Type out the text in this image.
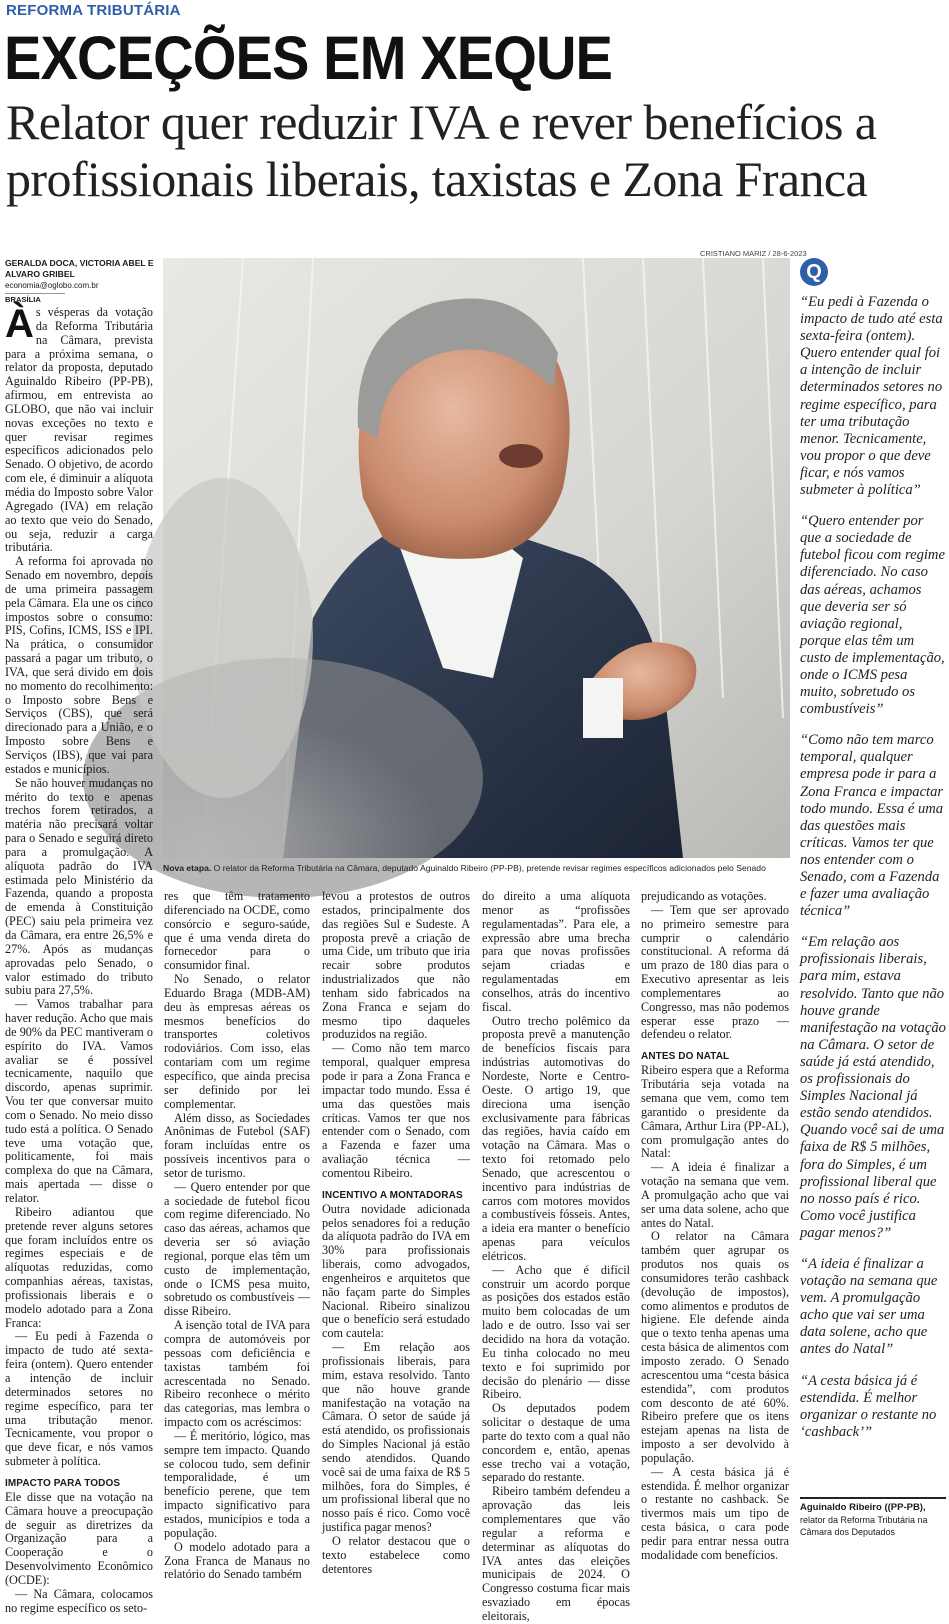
REFORMA TRIBUTÁRIA
EXCEÇÕES EM XEQUE
Relator quer reduzir IVA e rever benefícios a profissionais liberais, taxistas e Zona Franca
GERALDA DOCA, VICTORIA ABEL E ALVARO GRIBEL
economia@oglobo.com.br
BRASÍLIA
CRISTIANO MARIZ / 28-6-2023
Nova etapa. O relator da Reforma Tributária na Câmara, deputado Aguinaldo Ribeiro (PP-PB), pretende revisar regimes específicos adicionados pelo Senado
À s vésperas da votação da Reforma Tributária na Câmara, prevista para a próxima semana, o relator da proposta, deputado Aguinaldo Ribeiro (PP-PB), afirmou, em entrevista ao GLOBO, que não vai incluir novas exceções no texto e quer revisar regimes específicos adicionados pelo Senado. O objetivo, de acordo com ele, é diminuir a alíquota média do Imposto sobre Valor Agregado (IVA) em relação ao texto que veio do Senado, ou seja, reduzir a carga tributária.

A reforma foi aprovada no Senado em novembro, depois de uma primeira passagem pela Câmara. Ela une os cinco impostos sobre o consumo: PIS, Cofins, ICMS, ISS e IPI. Na prática, o consumidor passará a pagar um tributo, o IVA, que será divido em dois no momento do recolhimento: o Imposto sobre Bens e Serviços (CBS), que será direcionado para a União, e o Imposto sobre Bens e Serviços (IBS), que vai para estados e municípios.

Se não houver mudanças no mérito do texto e apenas trechos forem retirados, a matéria não precisará voltar para o Senado e seguirá direto para a promulgação. A alíquota padrão do IVA estimada pelo Ministério da Fazenda, quando a proposta de emenda à Constituição (PEC) saiu pela primeira vez da Câmara, era entre 26,5% e 27%. Após as mudanças aprovadas pelo Senado, o valor estimado do tributo subiu para 27,5%.

— Vamos trabalhar para haver redução. Acho que mais de 90% da PEC mantiveram o espírito do IVA. Vamos avaliar se é possível tecnicamente, naquilo que discordo, apenas suprimir. Vou ter que conversar muito com o Senado. No meio disso tudo está a política. O Senado teve uma votação que, politicamente, foi mais complexa do que na Câmara, mais apertada — disse o relator.

Ribeiro adiantou que pretende rever alguns setores que foram incluídos entre os regimes especiais e de alíquotas reduzidas, como companhias aéreas, taxistas, profissionais liberais e o modelo adotado para a Zona Franca:

— Eu pedi à Fazenda o impacto de tudo até sexta-feira (ontem). Quero entender a intenção de incluir determinados setores no regime específico, para ter uma tributação menor. Tecnicamente, vou propor o que deve ficar, e nós vamos submeter à política.

IMPACTO PARA TODOS

Ele disse que na votação na Câmara houve a preocupação de seguir as diretrizes da Organização para a Cooperação e o Desenvolvimento Econômico (OCDE):

— Na Câmara, colocamos no regime específico os seto-

res que têm tratamento diferenciado na OCDE, como consórcio e seguro-saúde, que é uma venda direta do fornecedor para o consumidor final.

No Senado, o relator Eduardo Braga (MDB-AM) deu às empresas aéreas os mesmos benefícios do transportes coletivos rodoviários. Com isso, elas contariam com um regime específico, que ainda precisa ser definido por lei complementar.

Além disso, as Sociedades Anônimas de Futebol (SAF) foram incluídas entre os possíveis incentivos para o setor de turismo.

— Quero entender por que a sociedade de futebol ficou com regime diferenciado. No caso das aéreas, achamos que deveria ser só aviação regional, porque elas têm um custo de implementação, onde o ICMS pesa muito, sobretudo os combustíveis — disse Ribeiro.

A isenção total de IVA para compra de automóveis por pessoas com deficiência e taxistas também foi acrescentada no Senado. Ribeiro reconhece o mérito das categorias, mas lembra o impacto com os acréscimos:

— É meritório, lógico, mas sempre tem impacto. Quando se colocou tudo, sem definir temporalidade, é um benefício perene, que tem impacto significativo para estados, municípios e toda a população.

O modelo adotado para a Zona Franca de Manaus no relatório do Senado também

levou a protestos de outros estados, principalmente dos das regiões Sul e Sudeste. A proposta prevê a criação de uma Cide, um tributo que iria recair sobre produtos industrializados que não tenham sido fabricados na Zona Franca e sejam do mesmo tipo daqueles produzidos na região.

— Como não tem marco temporal, qualquer empresa pode ir para a Zona Franca e impactar todo mundo. Essa é uma das questões mais críticas. Vamos ter que nos entender com o Senado, com a Fazenda e fazer uma avaliação técnica — comentou Ribeiro.

INCENTIVO A MONTADORAS

Outra novidade adicionada pelos senadores foi a redução da alíquota padrão do IVA em 30% para profissionais liberais, como advogados, engenheiros e arquitetos que não façam parte do Simples Nacional. Ribeiro sinalizou que o benefício será estudado com cautela:

— Em relação aos profissionais liberais, para mim, estava resolvido. Tanto que não houve grande manifestação na votação na Câmara. O setor de saúde já está atendido, os profissionais do Simples Nacional já estão sendo atendidos. Quando você sai de uma faixa de R$ 5 milhões, fora do Simples, é um profissional liberal que no nosso país é rico. Como você justifica pagar menos?

O relator destacou que o texto estabelece como detentores

do direito a uma alíquota menor as “profissões regulamentadas”. Para ele, a expressão abre uma brecha para que novas profissões sejam criadas e regulamentadas em conselhos, atrás do incentivo fiscal.

Outro trecho polêmico da proposta prevê a manutenção de benefícios fiscais para indústrias automotivas do Nordeste, Norte e Centro-Oeste. O artigo 19, que direciona uma isenção exclusivamente para fábricas das regiões, havia caído em votação na Câmara. Mas o texto foi retomado pelo Senado, que acrescentou o incentivo para indústrias de carros com motores movidos a combustíveis fósseis. Antes, a ideia era manter o benefício apenas para veículos elétricos.

— Acho que é difícil construir um acordo porque as posições dos estados estão muito bem colocadas de um lado e de outro. Isso vai ser decidido na hora da votação. Eu tinha colocado no meu texto e foi suprimido por decisão do plenário — disse Ribeiro.

Os deputados podem solicitar o destaque de uma parte do texto com a qual não concordem e, então, apenas esse trecho vai a votação, separado do restante.

Ribeiro também defendeu a aprovação das leis complementares que vão regular a reforma e determinar as alíquotas do IVA antes das eleições municipais de 2024. O Congresso costuma ficar mais esvaziado em épocas eleitorais,

prejudicando as votações.

— Tem que ser aprovado no primeiro semestre para cumprir o calendário constitucional. A reforma dá um prazo de 180 dias para o Executivo apresentar as leis complementares ao Congresso, mas não podemos esperar esse prazo — defendeu o relator.

ANTES DO NATAL

Ribeiro espera que a Reforma Tributária seja votada na semana que vem, como tem garantido o presidente da Câmara, Arthur Lira (PP-AL), com promulgação antes do Natal:

— A ideia é finalizar a votação na semana que vem. A promulgação acho que vai ser uma data solene, acho que antes do Natal.

O relator na Câmara também quer agrupar os produtos nos quais os consumidores terão cashback (devolução de impostos), como alimentos e produtos de higiene. Ele defende ainda que o texto tenha apenas uma cesta básica de alimentos com imposto zerado. O Senado acrescentou uma “cesta básica estendida”, com produtos com desconto de até 60%. Ribeiro prefere que os itens estejam apenas na lista de imposto a ser devolvido à população.

— A cesta básica já é estendida. É melhor organizar o restante no cashback. Se tivermos mais um tipo de cesta básica, o cara pode pedir para entrar nessa outra modalidade com benefícios.

Q
“Eu pedi à Fazenda o impacto de tudo até esta sexta-feira (ontem). Quero entender qual foi a intenção de incluir determinados setores no regime específico, para ter uma tributação menor. Tecnicamente, vou propor o que deve ficar, e nós vamos submeter à política”
“Quero entender por que a sociedade de futebol ficou com regime diferenciado. No caso das aéreas, achamos que deveria ser só aviação regional, porque elas têm um custo de implementação, onde o ICMS pesa muito, sobretudo os combustíveis”
“Como não tem marco temporal, qualquer empresa pode ir para a Zona Franca e impactar todo mundo. Essa é uma das questões mais críticas. Vamos ter que nos entender com o Senado, com a Fazenda e fazer uma avaliação técnica”
“Em relação aos profissionais liberais, para mim, estava resolvido. Tanto que não houve grande manifestação na votação na Câmara. O setor de saúde já está atendido, os profissionais do Simples Nacional já estão sendo atendidos. Quando você sai de uma faixa de R$ 5 milhões, fora do Simples, é um profissional liberal que no nosso país é rico. Como você justifica pagar menos?”
“A ideia é finalizar a votação na semana que vem. A promulgação acho que vai ser uma data solene, acho que antes do Natal”
“A cesta básica já é estendida. É melhor organizar o restante no ‘cashback’”
Aguinaldo Ribeiro ((PP-PB),
relator da Reforma Tributária na Câmara dos Deputados
